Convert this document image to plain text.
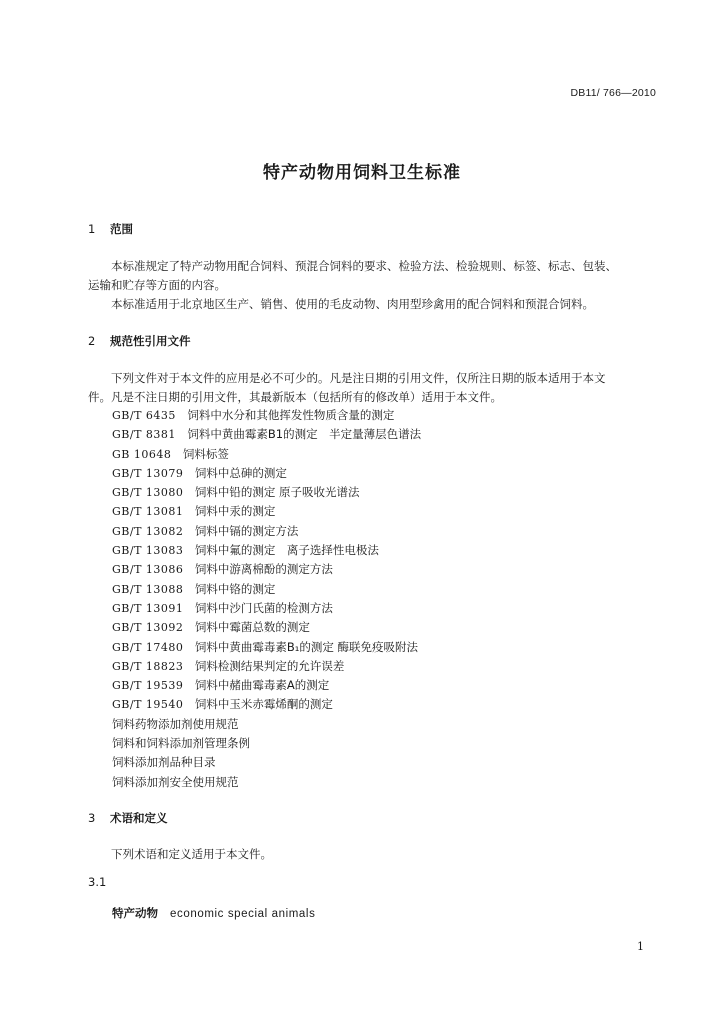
DB11/ 766—2010
特产动物用饲料卫生标准
1 范围
本标准规定了特产动物用配合饲料、预混合饲料的要求、检验方法、检验规则、标签、标志、包装、
运输和贮存等方面的内容。
本标准适用于北京地区生产、销售、使用的毛皮动物、肉用型珍禽用的配合饲料和预混合饲料。
2 规范性引用文件
下列文件对于本文件的应用是必不可少的。凡是注日期的引用文件，仅所注日期的版本适用于本文
件。凡是不注日期的引用文件，其最新版本（包括所有的修改单）适用于本文件。
GB/T 6435　 饲料中水分和其他挥发性物质含量的测定
GB/T 8381　 饲料中黄曲霉素B1的测定　半定量薄层色谱法
GB 10648　 饲料标签
GB/T 13079　 饲料中总砷的测定
GB/T 13080　 饲料中铅的测定 原子吸收光谱法
GB/T 13081　 饲料中汞的测定
GB/T 13082　 饲料中镉的测定方法
GB/T 13083　 饲料中氟的测定　离子选择性电极法
GB/T 13086　 饲料中游离棉酚的测定方法
GB/T 13088　 饲料中铬的测定
GB/T 13091　 饲料中沙门氏菌的检测方法
GB/T 13092　 饲料中霉菌总数的测定
GB/T 17480　 饲料中黄曲霉毒素B₁的测定 酶联免疫吸附法
GB/T 18823　 饲料检测结果判定的允许误差
GB/T 19539　 饲料中赭曲霉毒素A的测定
GB/T 19540　 饲料中玉米赤霉烯酮的测定
饲料药物添加剂使用规范
饲料和饲料添加剂管理条例
饲料添加剂品种目录
饲料添加剂安全使用规范
3 术语和定义
下列术语和定义适用于本文件。
3.1
特产动物 economic special animals
1
